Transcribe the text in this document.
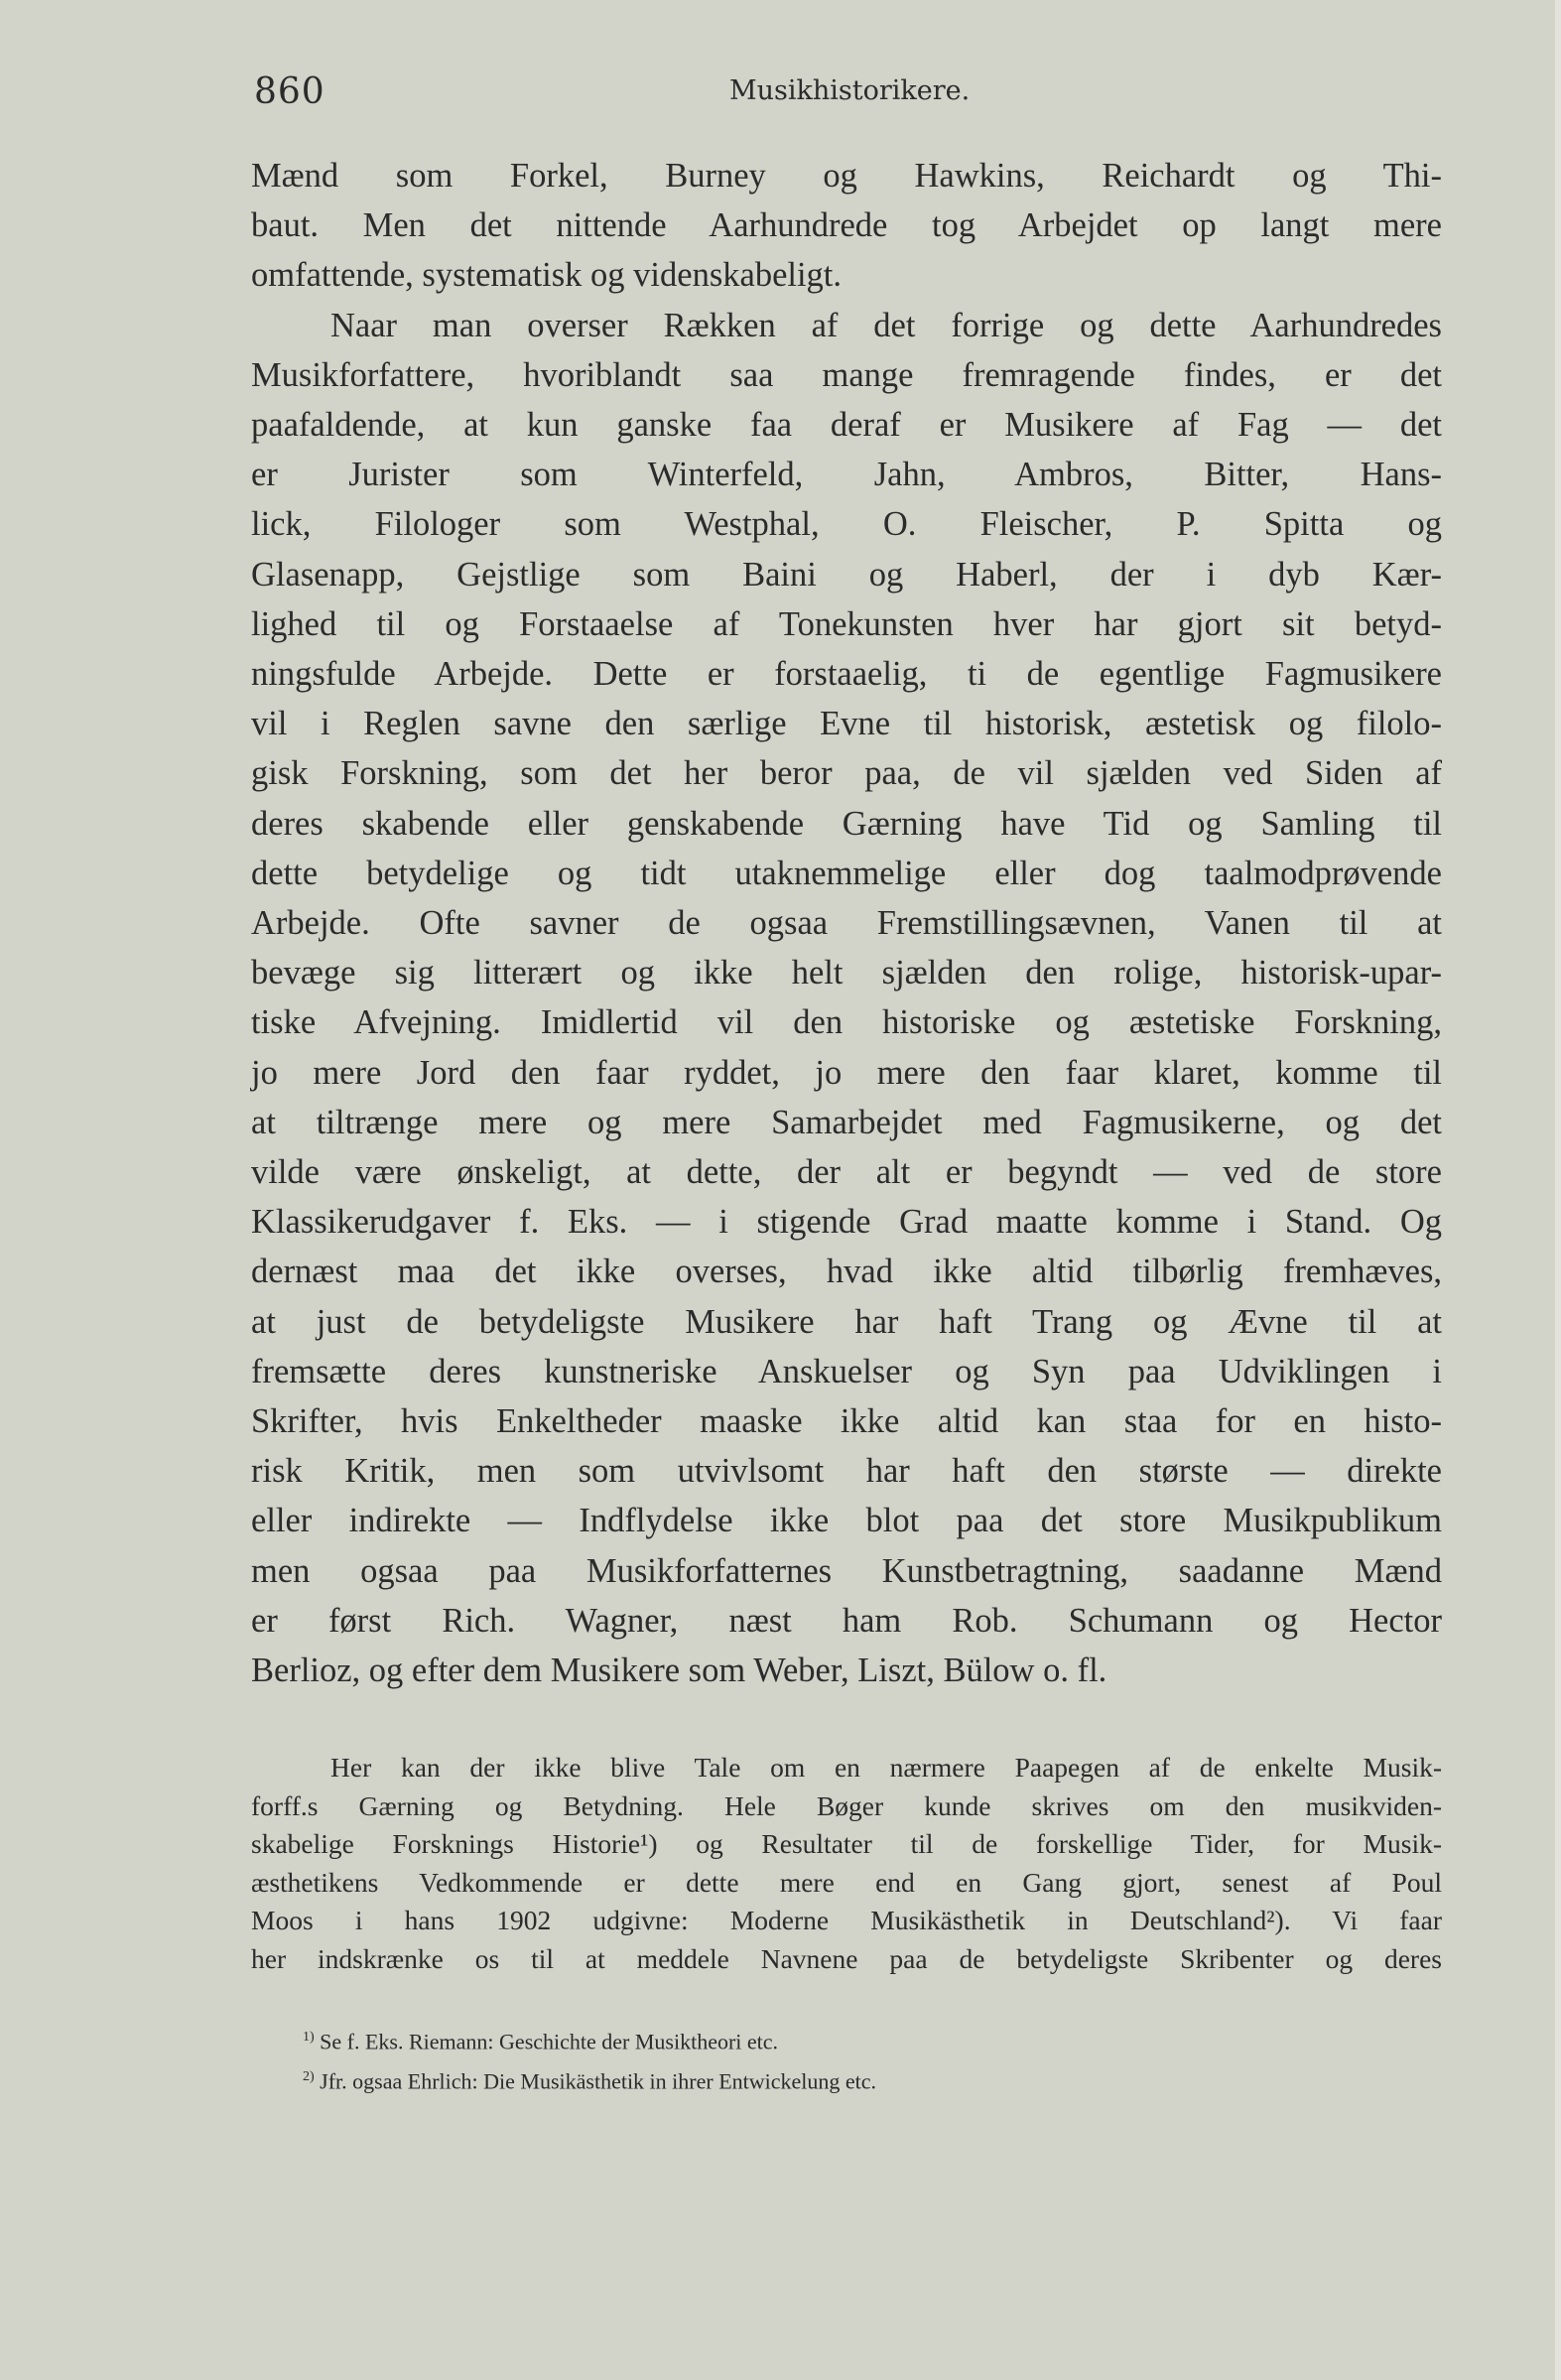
860	Musikhistorikere.
Mænd som Forkel, Burney og Hawkins, Reichardt og Thi-
baut. Men det nittende Aarhundrede tog Arbejdet op langt mere
omfattende, systematisk og videnskabeligt.
Naar man overser Rækken af det forrige og dette Aarhundredes
Musikforfattere, hvoriblandt saa mange fremragende findes, er det
paafaldende, at kun ganske faa deraf er Musikere af Fag — det
er Jurister som Winterfeld, Jahn, Ambros, Bitter, Hans-
lick, Filologer som Westphal, O. Fleischer, P. Spitta og
Glasenapp, Gejstlige som Baini og Haberl, der i dyb Kær-
lighed til og Forstaaelse af Tonekunsten hver har gjort sit betyd-
ningsfulde Arbejde. Dette er forstaaelig, ti de egentlige Fagmusikere
vil i Reglen savne den særlige Evne til historisk, æstetisk og filolo-
gisk Forskning, som det her beror paa, de vil sjælden ved Siden af
deres skabende eller genskabende Gærning have Tid og Samling til
dette betydelige og tidt utaknemmelige eller dog taalmodprøvende
Arbejde. Ofte savner de ogsaa Fremstillingsævnen, Vanen til at
bevæge sig litterært og ikke helt sjælden den rolige, historisk-upar-
tiske Afvejning. Imidlertid vil den historiske og æstetiske Forskning,
jo mere Jord den faar ryddet, jo mere den faar klaret, komme til
at tiltrænge mere og mere Samarbejdet med Fagmusikerne, og det
vilde være ønskeligt, at dette, der alt er begyndt — ved de store
Klassikerudgaver f. Eks. — i stigende Grad maatte komme i Stand. Og
dernæst maa det ikke overses, hvad ikke altid tilbørlig fremhæves,
at just de betydeligste Musikere har haft Trang og Ævne til at
fremsætte deres kunstneriske Anskuelser og Syn paa Udviklingen i
Skrifter, hvis Enkeltheder maaske ikke altid kan staa for en histo-
risk Kritik, men som utvivlsomt har haft den største — direkte
eller indirekte — Indflydelse ikke blot paa det store Musikpublikum
men ogsaa paa Musikforfatternes Kunstbetragtning, saadanne Mænd
er først Rich. Wagner, næst ham Rob. Schumann og Hector
Berlioz, og efter dem Musikere som Weber, Liszt, Bülow o. fl.
Her kan der ikke blive Tale om en nærmere Paapegen af de enkelte Musik-
forff.s Gærning og Betydning. Hele Bøger kunde skrives om den musikviden-
skabelige Forsknings Historie¹) og Resultater til de forskellige Tider, for Musik-
æsthetikens Vedkommende er dette mere end en Gang gjort, senest af Poul
Moos i hans 1902 udgivne: Moderne Musikästhetik in Deutschland²). Vi faar
her indskrænke os til at meddele Navnene paa de betydeligste Skribenter og deres
$^{1)}$ Se f. Eks. Riemann: Geschichte der Musiktheori etc.
$^{2)}$ Jfr. ogsaa Ehrlich: Die Musikästhetik in ihrer Entwickelung etc.
